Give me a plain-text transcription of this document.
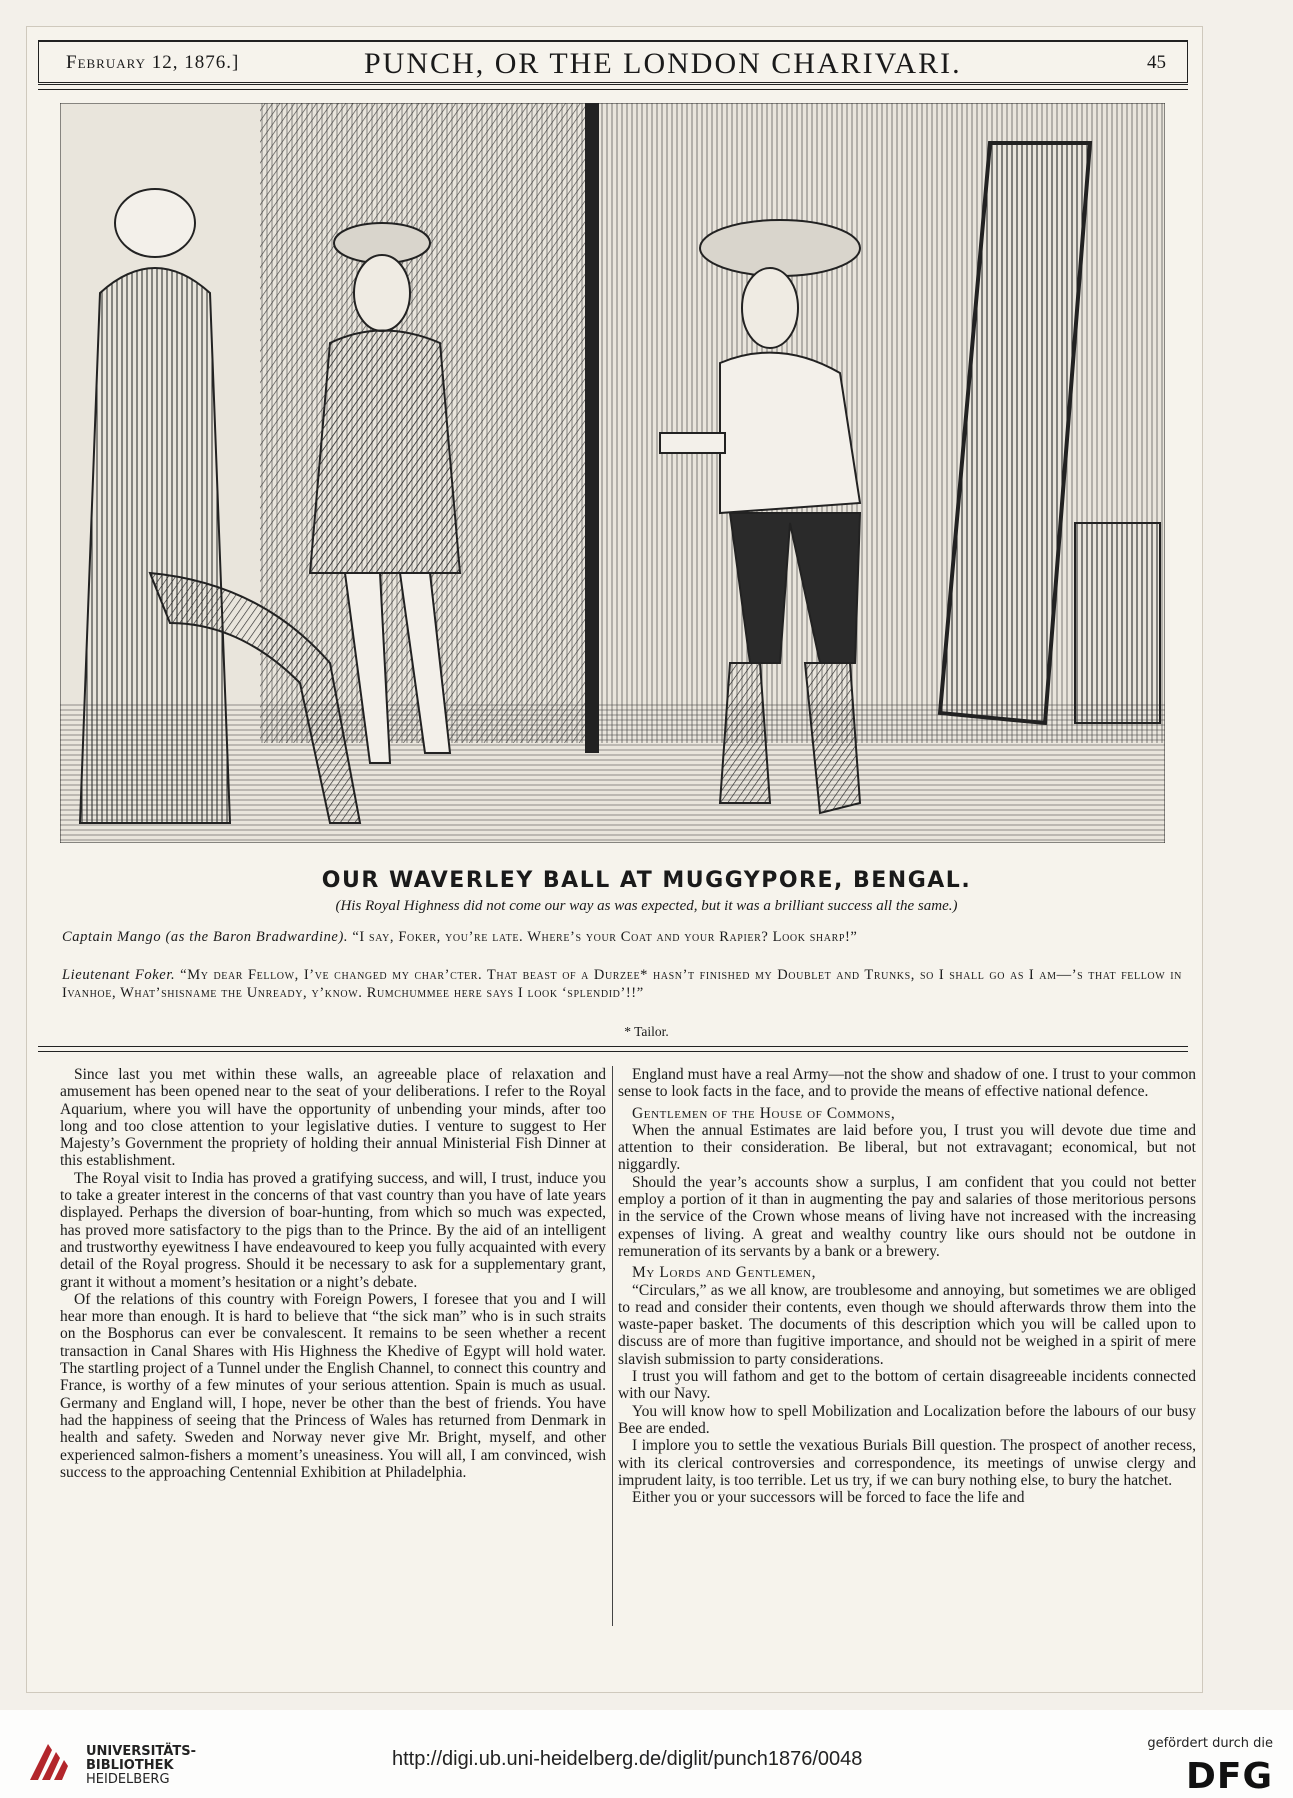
February 12, 1876.]	PUNCH, OR THE LONDON CHARIVARI.	45
OUR WAVERLEY BALL AT MUGGYPORE, BENGAL.
(His Royal Highness did not come our way as was expected, but it was a brilliant success all the same.)
Captain Mango (as the Baron Bradwardine). “I say, Foker, you’re late. Where’s your Coat and your Rapier? Look sharp!”
Lieutenant Foker. “My dear Fellow, I’ve changed my char’cter. That beast of a Durzee* hasn’t finished my Doublet and Trunks, so I shall go as I am—’s that fellow in Ivanhoe, What’shisname the Unready, y’know. Rumchummee here says I look ‘splendid’!!”
* Tailor.

Since last you met within these walls, an agreeable place of relaxation and amusement has been opened near to the seat of your deliberations. I refer to the Royal Aquarium, where you will have the opportunity of unbending your minds, after too long and too close attention to your legislative duties. I venture to suggest to Her Majesty’s Government the propriety of holding their annual Ministerial Fish Dinner at this establishment.

The Royal visit to India has proved a gratifying success, and will, I trust, induce you to take a greater interest in the concerns of that vast country than you have of late years displayed. Perhaps the diversion of boar-hunting, from which so much was expected, has proved more satisfactory to the pigs than to the Prince. By the aid of an intelligent and trustworthy eyewitness I have endeavoured to keep you fully acquainted with every detail of the Royal progress. Should it be necessary to ask for a supplementary grant, grant it without a moment’s hesitation or a night’s debate.

Of the relations of this country with Foreign Powers, I foresee that you and I will hear more than enough. It is hard to believe that “the sick man” who is in such straits on the Bosphorus can ever be convalescent. It remains to be seen whether a recent transaction in Canal Shares with His Highness the Khedive of Egypt will hold water. The startling project of a Tunnel under the English Channel, to connect this country and France, is worthy of a few minutes of your serious attention. Spain is much as usual. Germany and England will, I hope, never be other than the best of friends. You have had the happiness of seeing that the Princess of Wales has returned from Denmark in health and safety. Sweden and Norway never give Mr. Bright, myself, and other experienced salmon-fishers a moment’s uneasiness. You will all, I am convinced, wish success to the approaching Centennial Exhibition at Philadelphia.

England must have a real Army—not the show and shadow of one. I trust to your common sense to look facts in the face, and to provide the means of effective national defence.

Gentlemen of the House of Commons,

When the annual Estimates are laid before you, I trust you will devote due time and attention to their consideration. Be liberal, but not extravagant; economical, but not niggardly.

Should the year’s accounts show a surplus, I am confident that you could not better employ a portion of it than in augmenting the pay and salaries of those meritorious persons in the service of the Crown whose means of living have not increased with the increasing expenses of living. A great and wealthy country like ours should not be outdone in remuneration of its servants by a bank or a brewery.

My Lords and Gentlemen,

“Circulars,” as we all know, are troublesome and annoying, but sometimes we are obliged to read and consider their contents, even though we should afterwards throw them into the waste-paper basket. The documents of this description which you will be called upon to discuss are of more than fugitive importance, and should not be weighed in a spirit of mere slavish submission to party considerations.

I trust you will fathom and get to the bottom of certain disagreeable incidents connected with our Navy.

You will know how to spell Mobilization and Localization before the labours of our busy Bee are ended.

I implore you to settle the vexatious Burials Bill question. The prospect of another recess, with its clerical controversies and correspondence, its meetings of unwise clergy and imprudent laity, is too terrible. Let us try, if we can bury nothing else, to bury the hatchet.

Either you or your successors will be forced to face the life and

UNIVERSITÄTS-
BIBLIOTHEK
HEIDELBERG
http://digi.ub.uni-heidelberg.de/diglit/punch1876/0048
gefördert durch die
DFG
